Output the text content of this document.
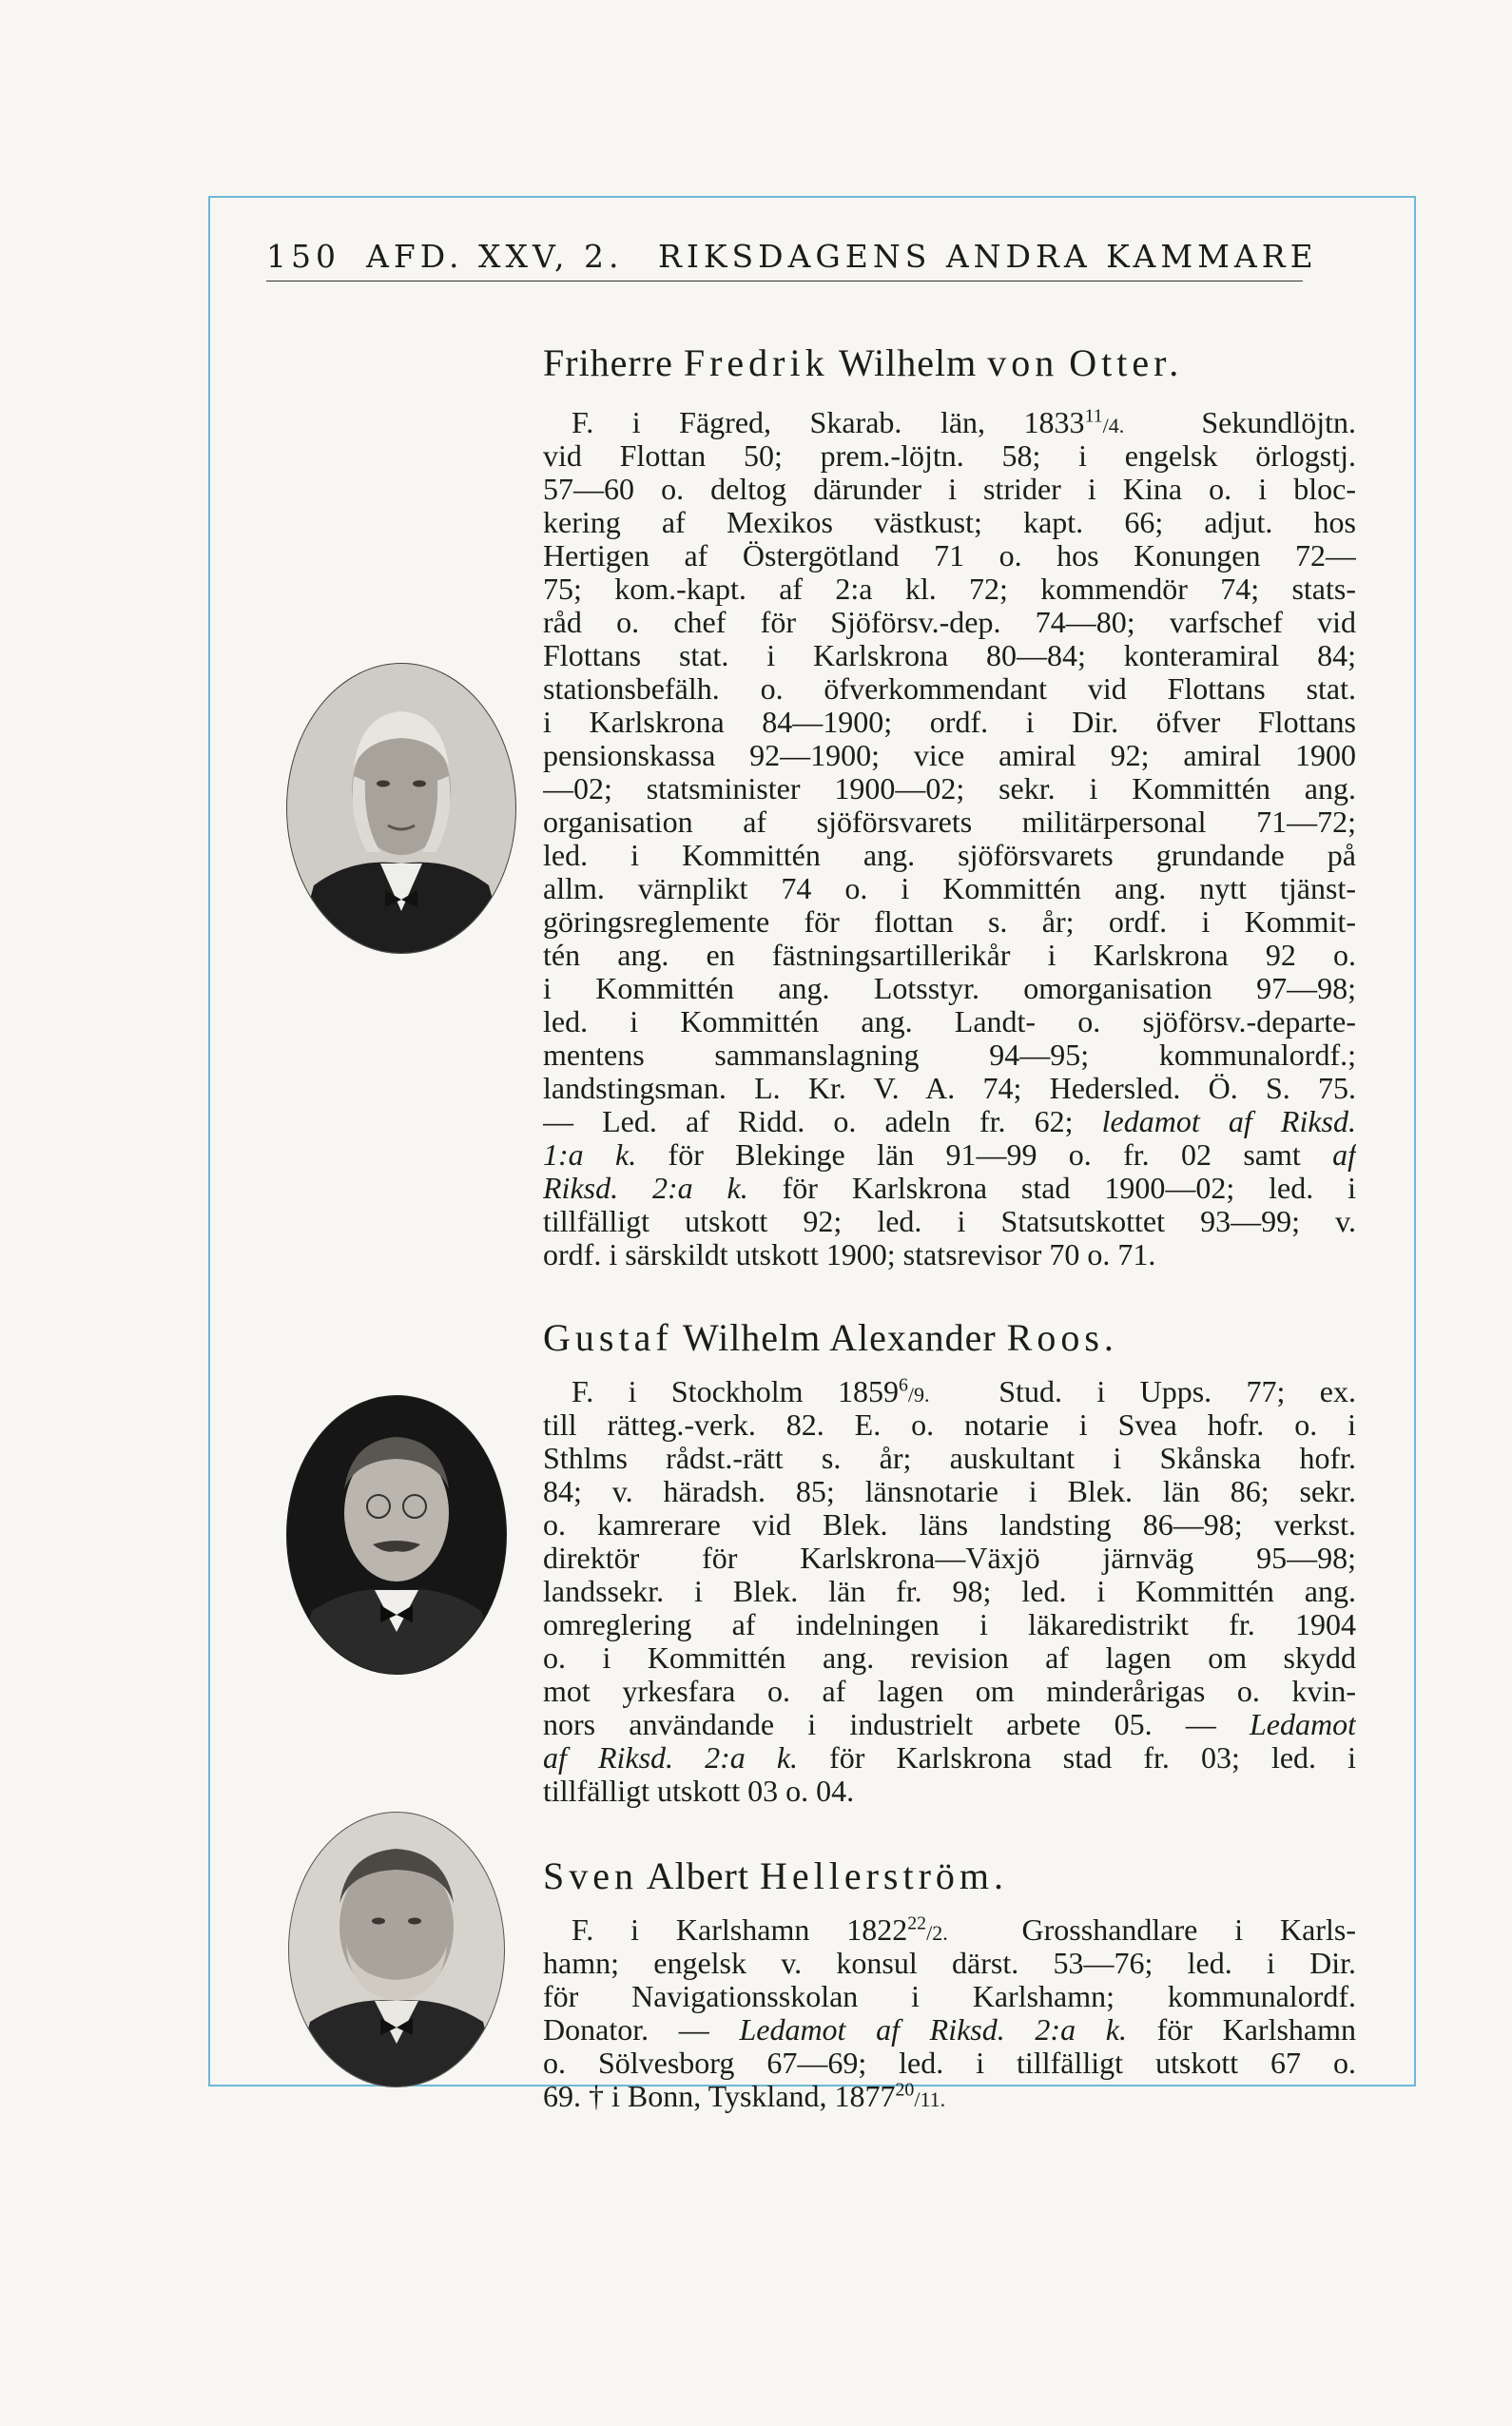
150 AFD. XXV, 2. RIKSDAGENS ANDRA KAMMARE

Friherre Fredrik Wilhelm von Otter.

F. i Fägred, Skarab. län, 1833$^{11}$/4.	Sekundlöjtn.
vid Flottan 50; prem.-löjtn. 58; i engelsk örlogstj.
57—60 o. deltog därunder i strider i Kina o. i bloc-
kering af Mexikos västkust; kapt. 66; adjut. hos
Hertigen af Östergötland 71 o. hos Konungen 72—
75; kom.-kapt. af 2:a kl. 72; kommendör 74; stats-
råd o. chef för Sjöförsv.-dep. 74—80; varfschef vid
Flottans stat. i Karlskrona 80—84; konteramiral 84;
stationsbefälh. o. öfverkommendant vid Flottans stat.
i Karlskrona 84—1900; ordf. i Dir. öfver Flottans
pensionskassa 92—1900; vice amiral 92; amiral 1900
—02; statsminister 1900—02; sekr. i Kommittén ang.
organisation af sjöförsvarets militärpersonal 71—72;
led. i Kommittén ang. sjöförsvarets grundande på
allm. värnplikt 74 o. i Kommittén ang. nytt tjänst-
göringsreglemente för flottan s. år; ordf. i Kommit-
tén ang. en fästningsartillerikår i Karlskrona 92 o.
i Kommittén ang. Lotsstyr. omorganisation 97—98;
led. i Kommittén ang. Landt- o. sjöförsv.-departe-
mentens sammanslagning 94—95; kommunalordf.;
landstingsman. L. Kr. V. A. 74; Hedersled. Ö. S. 75.
— Led. af Ridd. o. adeln fr. 62; ledamot af Riksd.
1:a k. för Blekinge län 91—99 o. fr. 02 samt af
Riksd. 2:a k. för Karlskrona stad 1900—02; led. i
tillfälligt utskott 92; led. i Statsutskottet 93—99; v.
ordf. i särskildt utskott 1900; statsrevisor 70 o. 71.

Gustaf Wilhelm Alexander Roos.

F. i Stockholm 1859$^6$/9. Stud. i Upps. 77; ex.
till rätteg.-verk. 82. E. o. notarie i Svea hofr. o. i
Sthlms rådst.-rätt s. år; auskultant i Skånska hofr.
84; v. häradsh. 85; länsnotarie i Blek. län 86; sekr.
o. kamrerare vid Blek. läns landsting 86—98; verkst.
direktör för Karlskrona—Växjö järnväg 95—98;
landssekr. i Blek. län fr. 98; led. i Kommittén ang.
omreglering af indelningen i läkaredistrikt fr. 1904
o. i Kommittén ang. revision af lagen om skydd
mot yrkesfara o. af lagen om minderårigas o. kvin-
nors användande i industrielt arbete 05. — Ledamot
af Riksd. 2:a k. för Karlskrona stad fr. 03; led. i
tillfälligt utskott 03 o. 04.

Sven Albert Hellerström.

F. i Karlshamn 1822$^{22}$/2. Grosshandlare i Karls-
hamn; engelsk v. konsul därst. 53—76; led. i Dir.
för Navigationsskolan i Karlshamn; kommunalordf.
Donator. — Ledamot af Riksd. 2:a k. för Karlshamn
o. Sölvesborg 67—69; led. i tillfälligt utskott 67 o.
69. † i Bonn, Tyskland, 1877$^{20}$/11.
